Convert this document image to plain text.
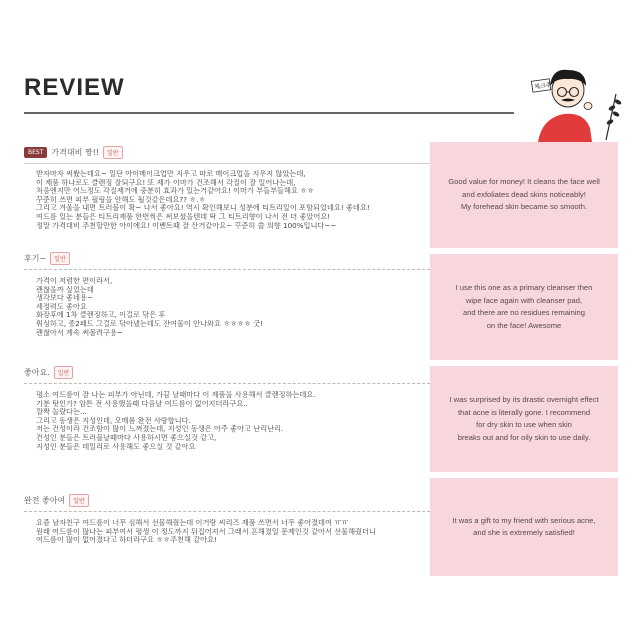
REVIEW	체크추
BEST	가격대비 짱!!	일반
받자마자 써봤는데요~ 일단 아이메이크업만 지우고 따로 메이크업을 지우지 않았는데,
이 제품 하나로도 클렌징 잘되구요! 또 제가 이마가 건조해서 각질이 잘 일어나는데,
처음엔지만 어느정도 각질제거에 충분히 효과가 있는거같아요! 이마가 부들부들해요 ㅎㅎ
꾸준히 쓰면 피부 필링을 안해도 될것같은데요?? ㅎ.ㅎ
그리고 겨울을 내면 트러블이 확~ 나서 좋아요! 역시 확인해보니 성분에 티트리잎이 포함되었네요! 좋네요!
여드름 있는 분들은 티트리제품 한번씩은 써보셨을텐데 딱 그 티트리향이 나서 전 더 좋았어요!
정말 가격대비 추천할만한 아이에요! 이벤트때 잘 산거같아요~ 꾸준히 쓸 의향 100%입니다~~
후기~	일반
가격이 저렴한 편이라서,
괜찮을까 싶었는데
생각보다 좋네용~
세정력도 좋아요
화장후에 1차 클렌징하고, 이걸로 닦은 후
워싱하고, 종2패드 그걸로 닦아냈는데도 잔여물이 안나와요 ㅎㅎㅎㅎ 굿!
괜찮아서 계속 써볼려구용~
좋아요.	일반
평소 여드름이 잘 나는 피부가 아닌데, 가끔 날때마다 이 제품을 사용해서 클렌징하는데요.
기분 탓인가? 암튼 전 사용했을때 다음날 여드름이 없어지더라구요..
깜짝 놀랐다는...
그리고 동생은 지성인데, 오메롬 완전 사랑합니다.
저는 건성이라 건조함이 많이 느껴졌는데, 지성인 동생은 아주 좋아고 난리난리.
건성인 분들은 트러블날때마다 사용하시면 좋으실것 같고,
지성인 분들은 데일리로 사용해도 좋으실 것 같아요
완전 좋아여	일반
요즘 남자친구 여드름이 너무 심해서 선물해줬는데 이거랑 씨리즈 제품 쓰면서 너무 좋아졌데여 ㅠㅠ
원래 여드름이 많나는 피부여서 평생 이 정도까지 뒤집어져서 그래서 흔해졌일 문제인것 같아서 선물해줬더니
여드름이 많이 없어졌다고 하더라구요 ㅎㅎ추천해 같아요!

Good value for money! It cleans the face well
and exfoliates dead skins noticeably!
My forehead skin became so smooth.

I use this one as a primary cleanser then
wipe face again with cleanser pad,
and there are no residues remaining
on the face! Awesome

I was surprised by its drastic overnight effect
that acne is literally gone. I recommend
for dry skin to use when skin
breaks out and for oily skin to use daily.

It was a gift to my friend with serious acne,
and she is extremely satisfied!
